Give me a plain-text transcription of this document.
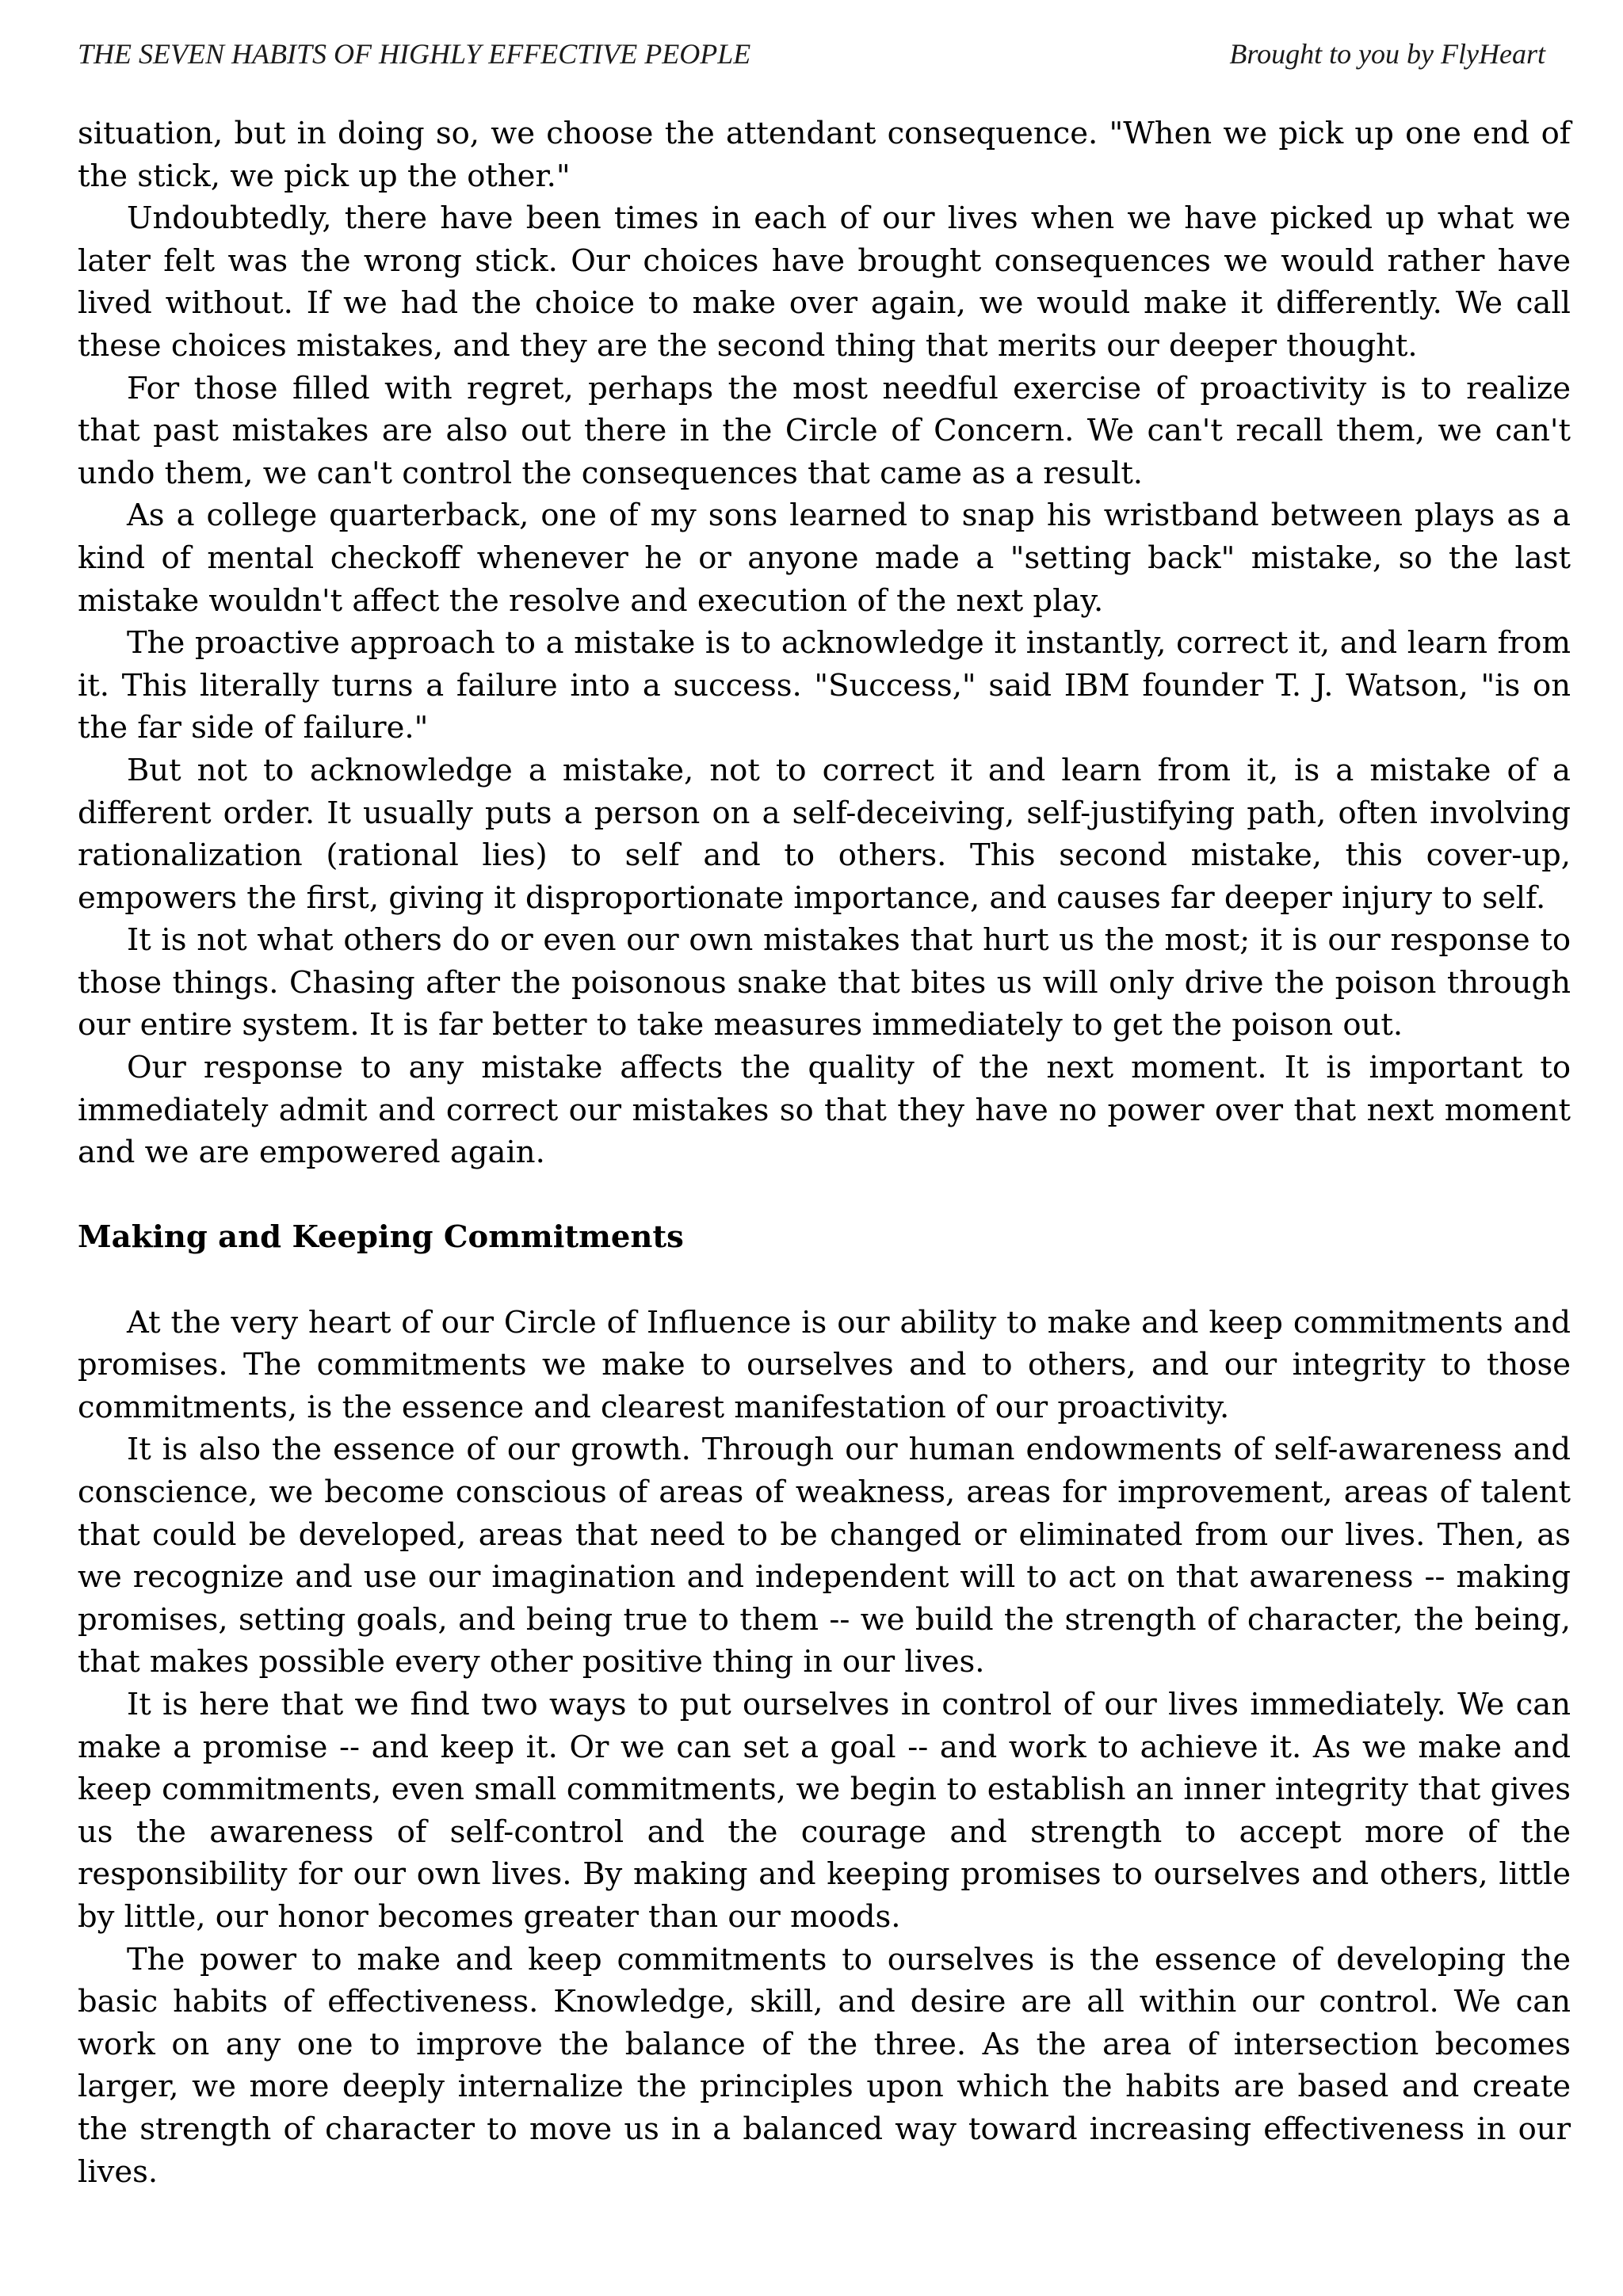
THE SEVEN HABITS OF HIGHLY EFFECTIVE PEOPLE	Brought to you by FlyHeart

situation, but in doing so, we choose the attendant consequence. "When we pick up one end of the stick, we pick up the other."

Undoubtedly, there have been times in each of our lives when we have picked up what we later felt was the wrong stick. Our choices have brought consequences we would rather have lived without. If we had the choice to make over again, we would make it differently. We call these choices mistakes, and they are the second thing that merits our deeper thought.

For those filled with regret, perhaps the most needful exercise of proactivity is to realize that past mistakes are also out there in the Circle of Concern. We can't recall them, we can't undo them, we can't control the consequences that came as a result.

As a college quarterback, one of my sons learned to snap his wristband between plays as a kind of mental checkoff whenever he or anyone made a "setting back" mistake, so the last mistake wouldn't affect the resolve and execution of the next play.

The proactive approach to a mistake is to acknowledge it instantly, correct it, and learn from it. This literally turns a failure into a success. "Success," said IBM founder T. J. Watson, "is on the far side of failure."

But not to acknowledge a mistake, not to correct it and learn from it, is a mistake of a different order. It usually puts a person on a self-deceiving, self-justifying path, often involving rationalization (rational lies) to self and to others. This second mistake, this cover-up, empowers the first, giving it disproportionate importance, and causes far deeper injury to self.

It is not what others do or even our own mistakes that hurt us the most; it is our response to those things. Chasing after the poisonous snake that bites us will only drive the poison through our entire system. It is far better to take measures immediately to get the poison out.

Our response to any mistake affects the quality of the next moment. It is important to immediately admit and correct our mistakes so that they have no power over that next moment and we are empowered again.

Making and Keeping Commitments

At the very heart of our Circle of Influence is our ability to make and keep commitments and promises. The commitments we make to ourselves and to others, and our integrity to those commitments, is the essence and clearest manifestation of our proactivity.

It is also the essence of our growth. Through our human endowments of self-awareness and conscience, we become conscious of areas of weakness, areas for improvement, areas of talent that could be developed, areas that need to be changed or eliminated from our lives. Then, as we recognize and use our imagination and independent will to act on that awareness -- making promises, setting goals, and being true to them -- we build the strength of character, the being, that makes possible every other positive thing in our lives.

It is here that we find two ways to put ourselves in control of our lives immediately. We can make a promise -- and keep it. Or we can set a goal -- and work to achieve it. As we make and keep commitments, even small commitments, we begin to establish an inner integrity that gives us the awareness of self-control and the courage and strength to accept more of the responsibility for our own lives. By making and keeping promises to ourselves and others, little by little, our honor becomes greater than our moods.

The power to make and keep commitments to ourselves is the essence of developing the basic habits of effectiveness. Knowledge, skill, and desire are all within our control. We can work on any one to improve the balance of the three. As the area of intersection becomes larger, we more deeply internalize the principles upon which the habits are based and create the strength of character to move us in a balanced way toward increasing effectiveness in our lives.
